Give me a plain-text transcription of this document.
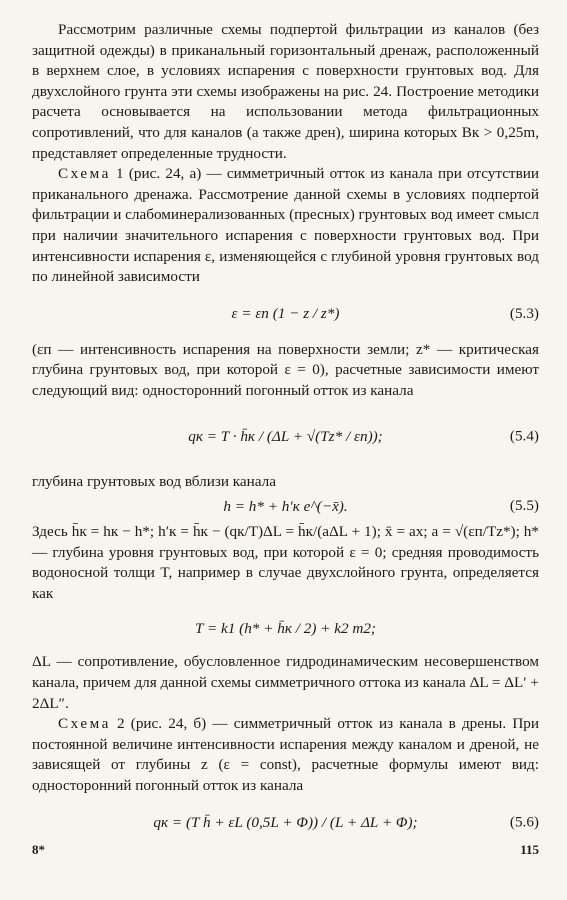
Рассмотрим различные схемы подпертой фильтрации из каналов (без защитной одежды) в приканальный горизонтальный дренаж, расположенный в верхнем слое, в условиях испарения с поверхности грунтовых вод. Для двухслойного грунта эти схемы изображены на рис. 24. Построение методики расчета основывается на использовании метода фильтрационных сопротивлений, что для каналов (а также дрен), ширина которых Bк > 0,25m, представляет определенные трудности.

Схема 1 (рис. 24, а) — симметричный отток из канала при отсутствии приканального дренажа. Рассмотрение данной схемы в условиях подпертой фильтрации и слабоминерализованных (пресных) грунтовых вод имеет смысл при наличии значительного испарения с поверхности грунтовых вод. При интенсивности испарения ε, изменяющейся с глубиной уровня грунтовых вод по линейной зависимости

ε = εп (1 − z / z*)	(5.3)

(εп — интенсивность испарения на поверхности земли; z* — критическая глубина грунтовых вод, при которой ε = 0), расчетные зависимости имеют следующий вид: односторонний погонный отток из канала

qк = T · h̄к / (ΔL + √(Tz* / εп));	(5.4)

глубина грунтовых вод вблизи канала

h = h* + h′к e^(−x̄).	(5.5)

Здесь h̄к = hк − h*; h′к = h̄к − (qк/T)ΔL = h̄к/(aΔL + 1); x̄ = ax; a = √(εп/Tz*); h* — глубина уровня грунтовых вод, при которой ε = 0; средняя проводимость водоносной толщи T, например в случае двухслойного грунта, определяется как

T = k1 (h* + h̄к / 2) + k2 m2;

ΔL — сопротивление, обусловленное гидродинамическим несовершенством канала, причем для данной схемы симметричного оттока из канала ΔL = ΔL′ + 2ΔL″.

Схема 2 (рис. 24, б) — симметричный отток из канала в дрены. При постоянной величине интенсивности испарения между каналом и дреной, не зависящей от глубины z (ε = const), расчетные формулы имеют вид: односторонний погонный отток из канала

qк = (T h̄ + εL (0,5L + Φ)) / (L + ΔL + Φ);	(5.6)
8*	115
